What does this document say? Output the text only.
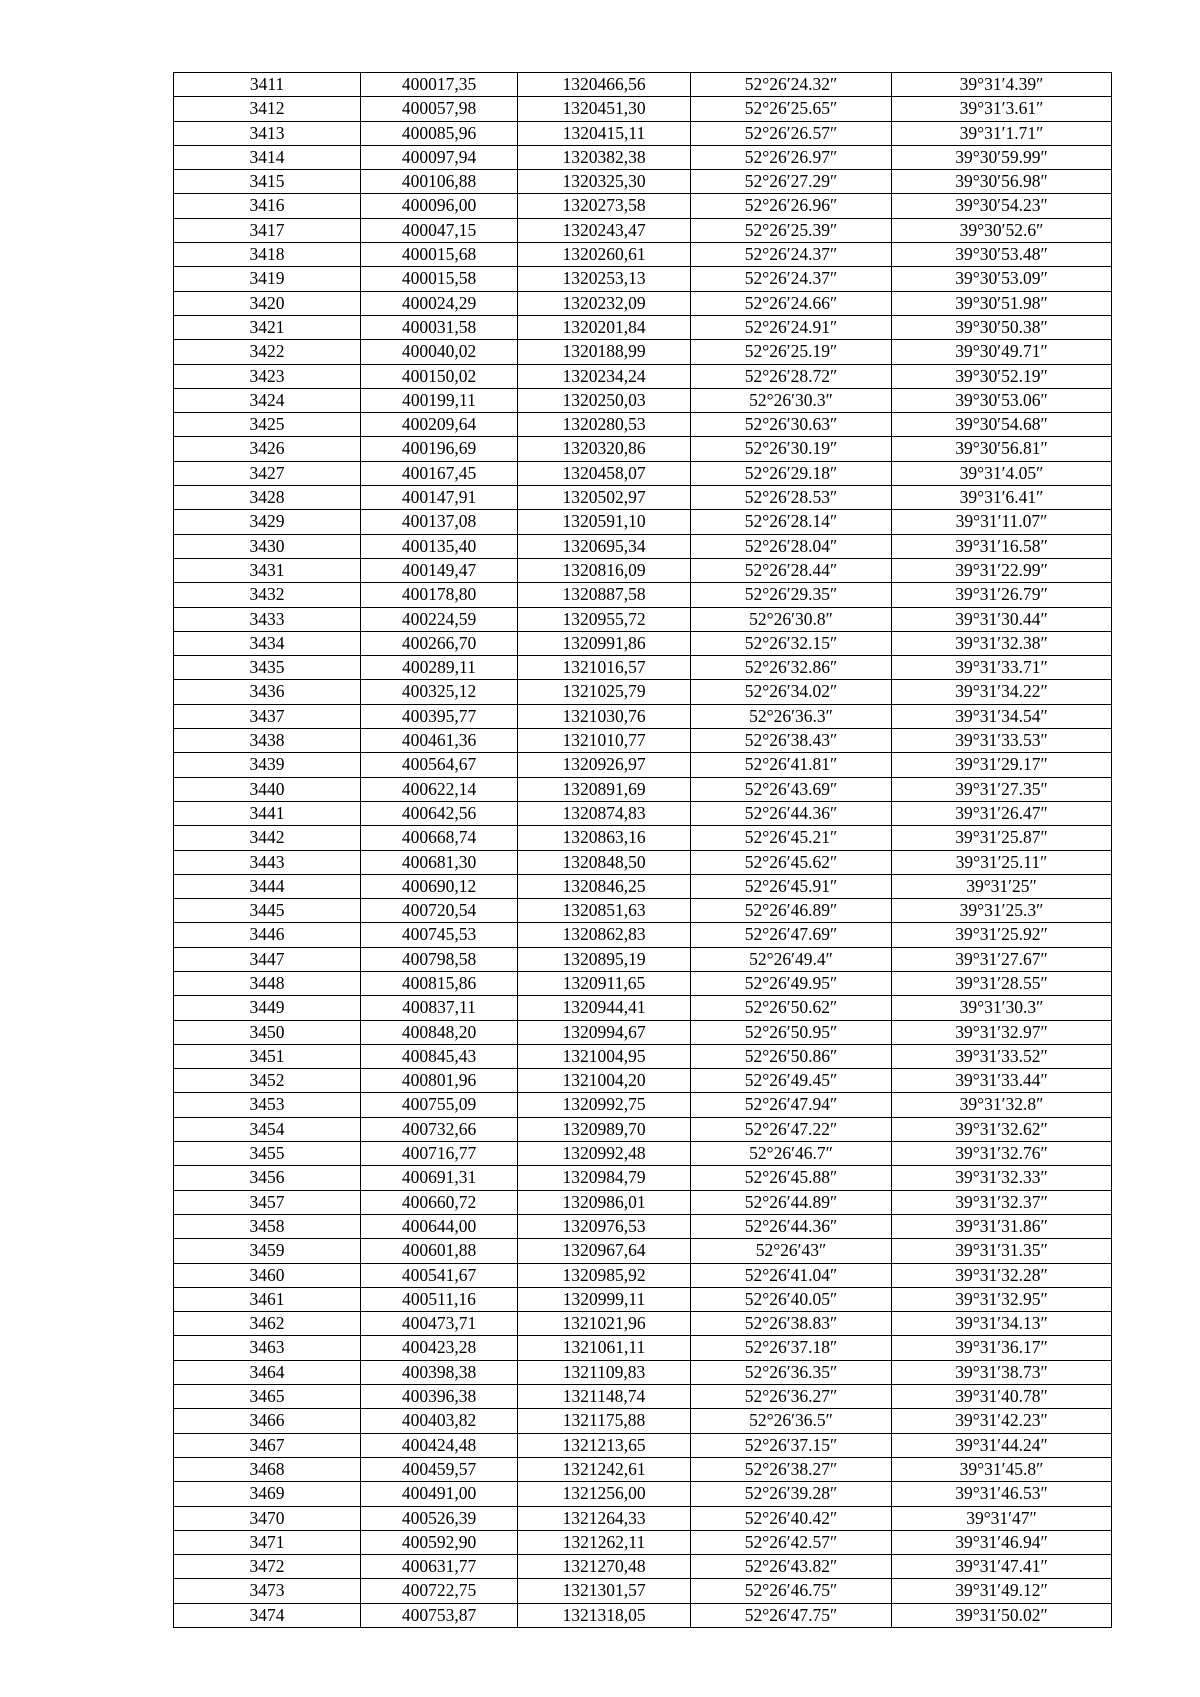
3411	400017,35	1320466,56	52°26′24.32″	39°31′4.39″
3412	400057,98	1320451,30	52°26′25.65″	39°31′3.61″
3413	400085,96	1320415,11	52°26′26.57″	39°31′1.71″
3414	400097,94	1320382,38	52°26′26.97″	39°30′59.99″
3415	400106,88	1320325,30	52°26′27.29″	39°30′56.98″
3416	400096,00	1320273,58	52°26′26.96″	39°30′54.23″
3417	400047,15	1320243,47	52°26′25.39″	39°30′52.6″
3418	400015,68	1320260,61	52°26′24.37″	39°30′53.48″
3419	400015,58	1320253,13	52°26′24.37″	39°30′53.09″
3420	400024,29	1320232,09	52°26′24.66″	39°30′51.98″
3421	400031,58	1320201,84	52°26′24.91″	39°30′50.38″
3422	400040,02	1320188,99	52°26′25.19″	39°30′49.71″
3423	400150,02	1320234,24	52°26′28.72″	39°30′52.19″
3424	400199,11	1320250,03	52°26′30.3″	39°30′53.06″
3425	400209,64	1320280,53	52°26′30.63″	39°30′54.68″
3426	400196,69	1320320,86	52°26′30.19″	39°30′56.81″
3427	400167,45	1320458,07	52°26′29.18″	39°31′4.05″
3428	400147,91	1320502,97	52°26′28.53″	39°31′6.41″
3429	400137,08	1320591,10	52°26′28.14″	39°31′11.07″
3430	400135,40	1320695,34	52°26′28.04″	39°31′16.58″
3431	400149,47	1320816,09	52°26′28.44″	39°31′22.99″
3432	400178,80	1320887,58	52°26′29.35″	39°31′26.79″
3433	400224,59	1320955,72	52°26′30.8″	39°31′30.44″
3434	400266,70	1320991,86	52°26′32.15″	39°31′32.38″
3435	400289,11	1321016,57	52°26′32.86″	39°31′33.71″
3436	400325,12	1321025,79	52°26′34.02″	39°31′34.22″
3437	400395,77	1321030,76	52°26′36.3″	39°31′34.54″
3438	400461,36	1321010,77	52°26′38.43″	39°31′33.53″
3439	400564,67	1320926,97	52°26′41.81″	39°31′29.17″
3440	400622,14	1320891,69	52°26′43.69″	39°31′27.35″
3441	400642,56	1320874,83	52°26′44.36″	39°31′26.47″
3442	400668,74	1320863,16	52°26′45.21″	39°31′25.87″
3443	400681,30	1320848,50	52°26′45.62″	39°31′25.11″
3444	400690,12	1320846,25	52°26′45.91″	39°31′25″
3445	400720,54	1320851,63	52°26′46.89″	39°31′25.3″
3446	400745,53	1320862,83	52°26′47.69″	39°31′25.92″
3447	400798,58	1320895,19	52°26′49.4″	39°31′27.67″
3448	400815,86	1320911,65	52°26′49.95″	39°31′28.55″
3449	400837,11	1320944,41	52°26′50.62″	39°31′30.3″
3450	400848,20	1320994,67	52°26′50.95″	39°31′32.97″
3451	400845,43	1321004,95	52°26′50.86″	39°31′33.52″
3452	400801,96	1321004,20	52°26′49.45″	39°31′33.44″
3453	400755,09	1320992,75	52°26′47.94″	39°31′32.8″
3454	400732,66	1320989,70	52°26′47.22″	39°31′32.62″
3455	400716,77	1320992,48	52°26′46.7″	39°31′32.76″
3456	400691,31	1320984,79	52°26′45.88″	39°31′32.33″
3457	400660,72	1320986,01	52°26′44.89″	39°31′32.37″
3458	400644,00	1320976,53	52°26′44.36″	39°31′31.86″
3459	400601,88	1320967,64	52°26′43″	39°31′31.35″
3460	400541,67	1320985,92	52°26′41.04″	39°31′32.28″
3461	400511,16	1320999,11	52°26′40.05″	39°31′32.95″
3462	400473,71	1321021,96	52°26′38.83″	39°31′34.13″
3463	400423,28	1321061,11	52°26′37.18″	39°31′36.17″
3464	400398,38	1321109,83	52°26′36.35″	39°31′38.73″
3465	400396,38	1321148,74	52°26′36.27″	39°31′40.78″
3466	400403,82	1321175,88	52°26′36.5″	39°31′42.23″
3467	400424,48	1321213,65	52°26′37.15″	39°31′44.24″
3468	400459,57	1321242,61	52°26′38.27″	39°31′45.8″
3469	400491,00	1321256,00	52°26′39.28″	39°31′46.53″
3470	400526,39	1321264,33	52°26′40.42″	39°31′47″
3471	400592,90	1321262,11	52°26′42.57″	39°31′46.94″
3472	400631,77	1321270,48	52°26′43.82″	39°31′47.41″
3473	400722,75	1321301,57	52°26′46.75″	39°31′49.12″
3474	400753,87	1321318,05	52°26′47.75″	39°31′50.02″
